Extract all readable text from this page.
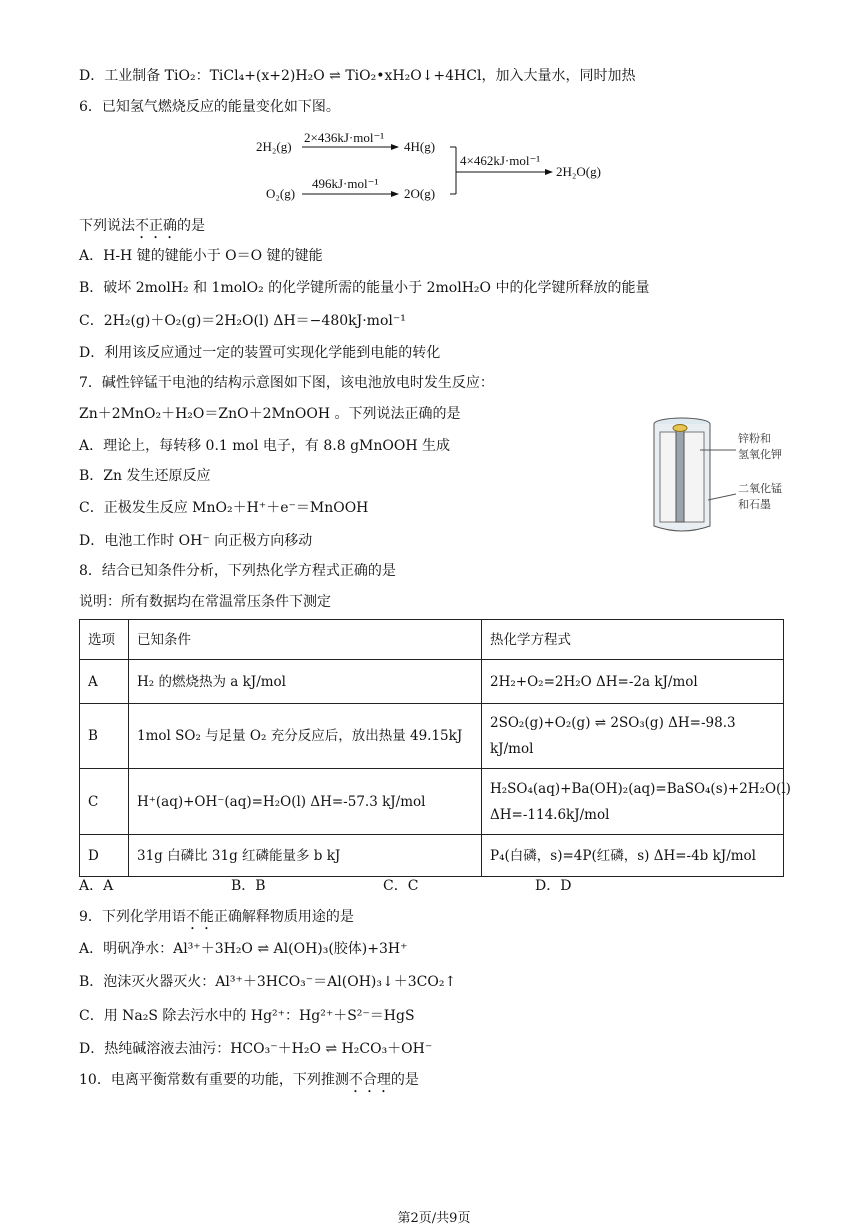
D．工业制备 TiO₂：TiCl₄+(x+2)H₂O ⇌ TiO₂•xH₂O↓+4HCl，加入大量水，同时加热
6．已知氢气燃烧反应的能量变化如下图。
2H₂(g)
2×436kJ·mol⁻¹
4H(g)
O₂(g)
496kJ·mol⁻¹
2O(g)
4×462kJ·mol⁻¹
2H₂O(g)
下列说法不正确的是
A．H-H 键的键能小于 O＝O 键的键能
B．破坏 2molH₂ 和 1molO₂ 的化学键所需的能量小于 2molH₂O 中的化学键所释放的能量
C．2H₂(g)＋O₂(g)＝2H₂O(l) ΔH＝−480kJ·mol⁻¹
D．利用该反应通过一定的装置可实现化学能到电能的转化
7．碱性锌锰干电池的结构示意图如下图，该电池放电时发生反应：
Zn＋2MnO₂＋H₂O＝ZnO＋2MnOOH 。下列说法正确的是
A．理论上，每转移 0.1 mol 电子，有 8.8 gMnOOH 生成
B．Zn 发生还原反应
C．正极发生反应 MnO₂＋H⁺＋e⁻＝MnOOH
D．电池工作时 OH⁻ 向正极方向移动
锌粉和
氢氧化钾
二氧化锰
和石墨
8．结合已知条件分析，下列热化学方程式正确的是
说明：所有数据均在常温常压条件下测定
选项	已知条件	热化学方程式
A	H₂ 的燃烧热为 a kJ/mol	2H₂+O₂=2H₂O ΔH=-2a kJ/mol
B	1mol SO₂ 与足量 O₂ 充分反应后，放出热量 49.15kJ	2SO₂(g)+O₂(g) ⇌ 2SO₃(g) ΔH=-98.3 kJ/mol
C	H⁺(aq)+OH⁻(aq)=H₂O(l) ΔH=-57.3 kJ/mol	H₂SO₄(aq)+Ba(OH)₂(aq)=BaSO₄(s)+2H₂O(l) ΔH=-114.6kJ/mol
D	31g 白磷比 31g 红磷能量多 b kJ	P₄(白磷，s)=4P(红磷，s) ΔH=-4b kJ/mol
A．A	B．B	C．C	D．D
9．下列化学用语不能正确解释物质用途的是
A．明矾净水：Al³⁺＋3H₂O ⇌ Al(OH)₃(胶体)+3H⁺
B．泡沫灭火器灭火：Al³⁺＋3HCO₃⁻＝Al(OH)₃↓＋3CO₂↑
C．用 Na₂S 除去污水中的 Hg²⁺：Hg²⁺＋S²⁻＝HgS
D．热纯碱溶液去油污：HCO₃⁻＋H₂O ⇌ H₂CO₃＋OH⁻
10．电离平衡常数有重要的功能，下列推测不合理的是
第2页/共9页
